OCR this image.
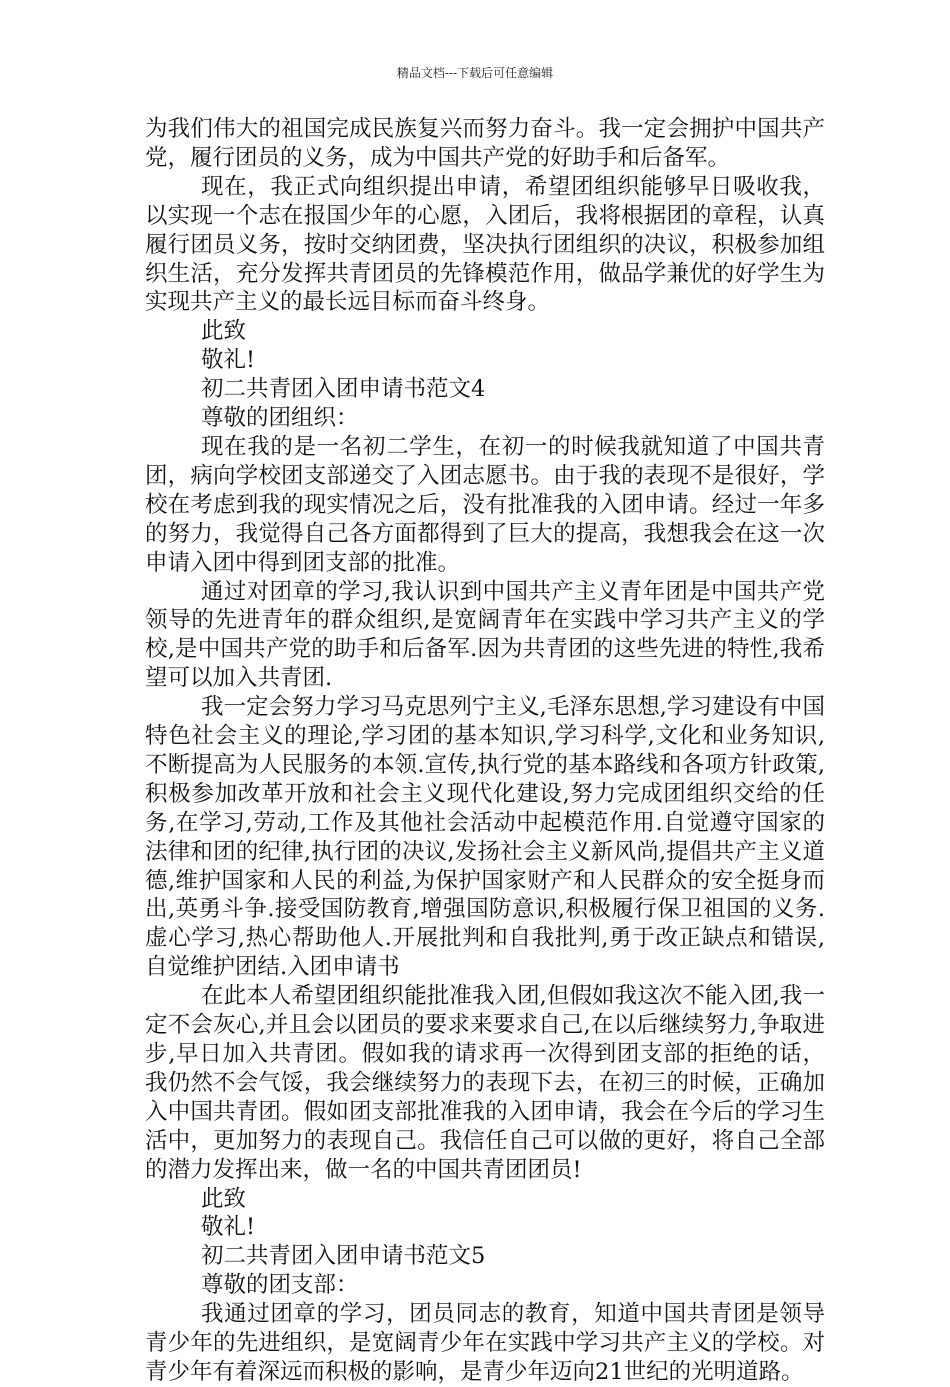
精品文档---下载后可任意编辑

为我们伟大的祖国完成民族复兴而努力奋斗。我一定会拥护中国共产党，履行团员的义务，成为中国共产党的好助手和后备军。

现在，我正式向组织提出申请，希望团组织能够早日吸收我，以实现一个志在报国少年的心愿，入团后，我将根据团的章程，认真履行团员义务，按时交纳团费，坚决执行团组织的决议，积极参加组织生活，充分发挥共青团员的先锋模范作用，做品学兼优的好学生为实现共产主义的最长远目标而奋斗终身。

此致

敬礼!

初二共青团入团申请书范文4

尊敬的团组织：

现在我的是一名初二学生，在初一的时候我就知道了中国共青团，病向学校团支部递交了入团志愿书。由于我的表现不是很好，学校在考虑到我的现实情况之后，没有批准我的入团申请。经过一年多的努力，我觉得自己各方面都得到了巨大的提高，我想我会在这一次申请入团中得到团支部的批准。

通过对团章的学习,我认识到中国共产主义青年团是中国共产党领导的先进青年的群众组织,是宽阔青年在实践中学习共产主义的学校,是中国共产党的助手和后备军.因为共青团的这些先进的特性,我希望可以加入共青团.

我一定会努力学习马克思列宁主义,毛泽东思想,学习建设有中国特色社会主义的理论,学习团的基本知识,学习科学,文化和业务知识,不断提高为人民服务的本领.宣传,执行党的基本路线和各项方针政策,积极参加改革开放和社会主义现代化建设,努力完成团组织交给的任务,在学习,劳动,工作及其他社会活动中起模范作用.自觉遵守国家的法律和团的纪律,执行团的决议,发扬社会主义新风尚,提倡共产主义道德,维护国家和人民的利益,为保护国家财产和人民群众的安全挺身而出,英勇斗争.接受国防教育,增强国防意识,积极履行保卫祖国的义务.虚心学习,热心帮助他人.开展批判和自我批判,勇于改正缺点和错误,自觉维护团结.入团申请书

在此本人希望团组织能批准我入团,但假如我这次不能入团,我一定不会灰心,并且会以团员的要求来要求自己,在以后继续努力,争取进步,早日加入共青团。假如我的请求再一次得到团支部的拒绝的话，我仍然不会气馁，我会继续努力的表现下去，在初三的时候，正确加入中国共青团。假如团支部批准我的入团申请，我会在今后的学习生活中，更加努力的表现自己。我信任自己可以做的更好，将自己全部的潜力发挥出来，做一名的中国共青团团员!

此致

敬礼!

初二共青团入团申请书范文5

尊敬的团支部：

我通过团章的学习，团员同志的教育，知道中国共青团是领导青少年的先进组织，是宽阔青少年在实践中学习共产主义的学校。对青少年有着深远而积极的影响，是青少年迈向21世纪的光明道路。
